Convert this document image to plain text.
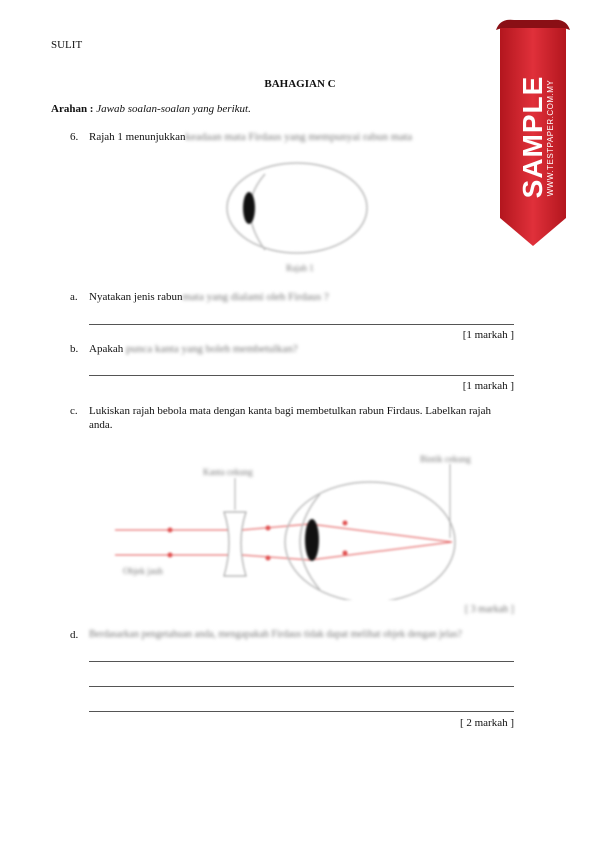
SULIT
BAHAGIAN C
Arahan : Jawab soalan-soalan yang berikut.
6. Rajah 1 menunjukkankeadaan mata Firdaus yang mempunyai rabun mata
Rajah 1
a. Nyatakan jenis rabunmata yang dialami oleh Firdaus ?
[1 markah ]
b. Apakah punca kanta yang boleh membetulkan?
[1 markah ]
c. Lukiskan rajah bebola mata dengan kanta bagi membetulkan rabun Firdaus. Labelkan rajah
anda.
Kanta cekung
Bintik cekung
Objek jauh
[ 3 markah ]
d. Berdasarkan pengetahuan anda, mengapakah Firdaus tidak dapat melihat objek dengan jelas?
[ 2 markah ]
SAMPLE
WWW.TESTPAPER.COM.MY
